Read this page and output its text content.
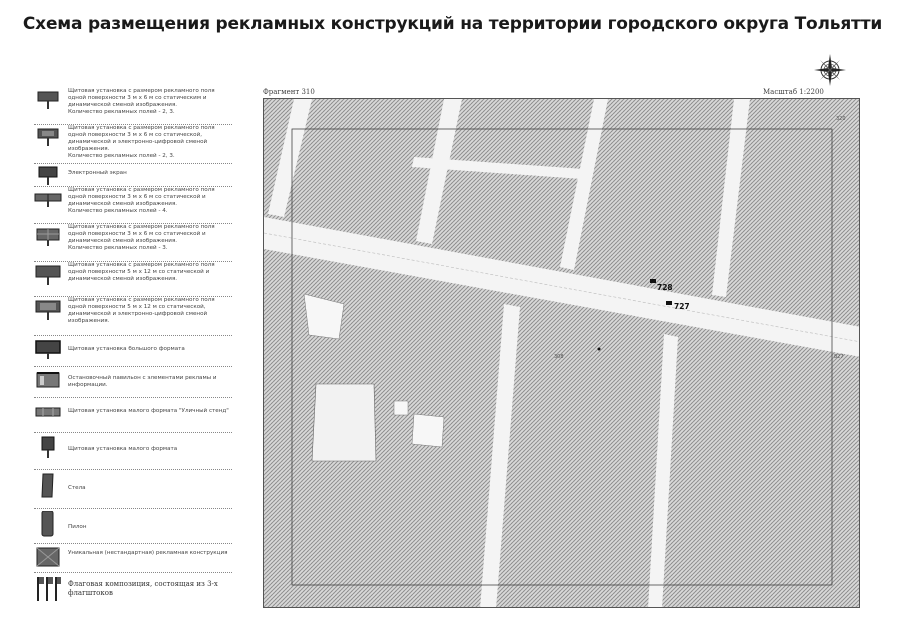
Схема размещения рекламных конструкций на территории городского округа Тольятти
Щитовая установка с размером рекламного поля одной поверхности 3 м х 6 м со статическим и динамической сменой изображения.
Количество рекламных полей - 2, 3.
Щитовая установка с размером рекламного поля одной поверхности 3 м х 6 м со статической, динамической и электронно-цифровой сменой изображения.
Количество рекламных полей - 2, 3.
Электронный экран
Щитовая установка с размером рекламного поля одной поверхности 3 м х 6 м со статической и динамической сменой изображения.
Количество рекламных полей - 4.
Щитовая установка с размером рекламного поля одной поверхности 3 м х 6 м со статической и динамической сменой изображения.
Количество рекламных полей - 3.
Щитовая установка с размером рекламного поля одной поверхности 5 м х 12 м со статической и динамической сменой изображения.
Щитовая установка с размером рекламного поля одной поверхности 5 м х 12 м со статической, динамической и электронно-цифровой сменой изображения.
Щитовая установка большого формата
Остановочный павильон с элементами рекламы и информации.
Щитовая установка малого формата "Уличный стенд"
Щитовая установка малого формата
Стела
Пилон
Уникальная (нестандартная) рекламная конструкция
Флаговая композиция, состоящая из 3-х флагштоков
Фрагмент 310	Масштаб 1:2200
320
308	827
728
727
